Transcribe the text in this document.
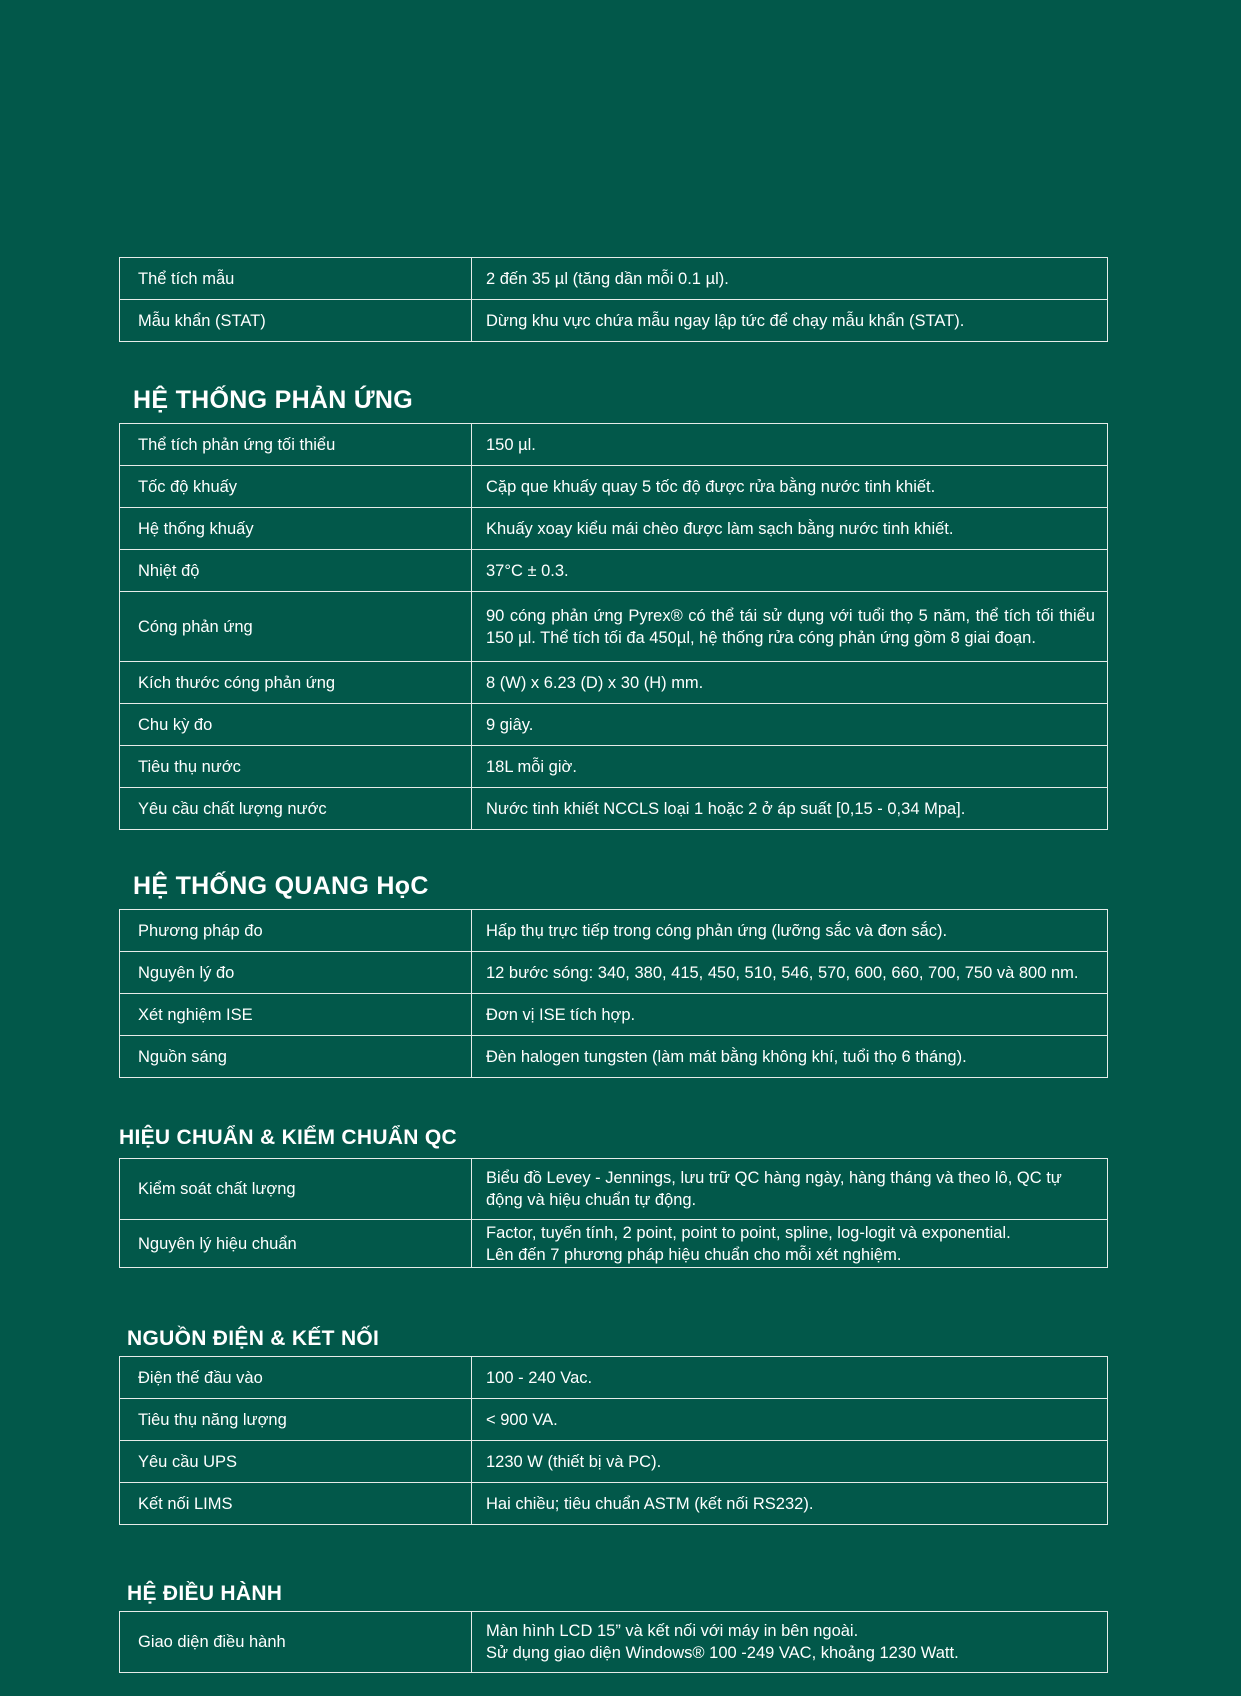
Thể tích mẫu	2 đến 35 µl (tăng dần mỗi 0.1 µl).
Mẫu khẩn (STAT)	Dừng khu vực chứa mẫu ngay lập tức để chạy mẫu khẩn (STAT).
HỆ THỐNG PHẢN ỨNG
Thể tích phản ứng tối thiểu	150 µl.
Tốc độ khuấy	Cặp que khuấy quay 5 tốc độ được rửa bằng nước tinh khiết.
Hệ thống khuấy	Khuấy xoay kiểu mái chèo được làm sạch bằng nước tinh khiết.
Nhiệt độ	37°C ± 0.3.
Cóng phản ứng	90 cóng phản ứng Pyrex® có thể tái sử dụng với tuổi thọ 5 năm, thể tích tối thiểu 150 µl. Thể tích tối đa 450µl, hệ thống rửa cóng phản ứng gồm 8 giai đoạn.
Kích thước cóng phản ứng	8 (W) x 6.23 (D) x 30 (H) mm.
Chu kỳ đo	9 giây.
Tiêu thụ nước	18L mỗi giờ.
Yêu cầu chất lượng nước	Nước tinh khiết NCCLS loại 1 hoặc 2 ở áp suất [0,15 - 0,34 Mpa].
HỆ THỐNG QUANG HọC
Phương pháp đo	Hấp thụ trực tiếp trong cóng phản ứng (lưỡng sắc và đơn sắc).
Nguyên lý đo	12 bước sóng: 340, 380, 415, 450, 510, 546, 570, 600, 660, 700, 750 và 800 nm.
Xét nghiệm ISE	Đơn vị ISE tích hợp.
Nguồn sáng	Đèn halogen tungsten (làm mát bằng không khí, tuổi thọ 6 tháng).
HIỆU CHUẨN & KIỂM CHUẨN QC
Kiểm soát chất lượng	Biểu đồ Levey - Jennings, lưu trữ QC hàng ngày, hàng tháng và theo lô, QC tự động và hiệu chuẩn tự động.
Nguyên lý hiệu chuẩn	Factor, tuyến tính, 2 point, point to point, spline, log-logit và exponential.
Lên đến 7 phương pháp hiệu chuẩn cho mỗi xét nghiệm.
NGUỒN ĐIỆN & KẾT NỐI
Điện thế đầu vào	100 - 240 Vac.
Tiêu thụ năng lượng	< 900 VA.
Yêu cầu UPS	1230 W (thiết bị và PC).
Kết nối LIMS	Hai chiều; tiêu chuẩn ASTM (kết nối RS232).
HỆ ĐIỀU HÀNH
Giao diện điều hành	Màn hình LCD 15” và kết nối với máy in bên ngoài.
Sử dụng giao diện Windows® 100 -249 VAC, khoảng 1230 Watt.
